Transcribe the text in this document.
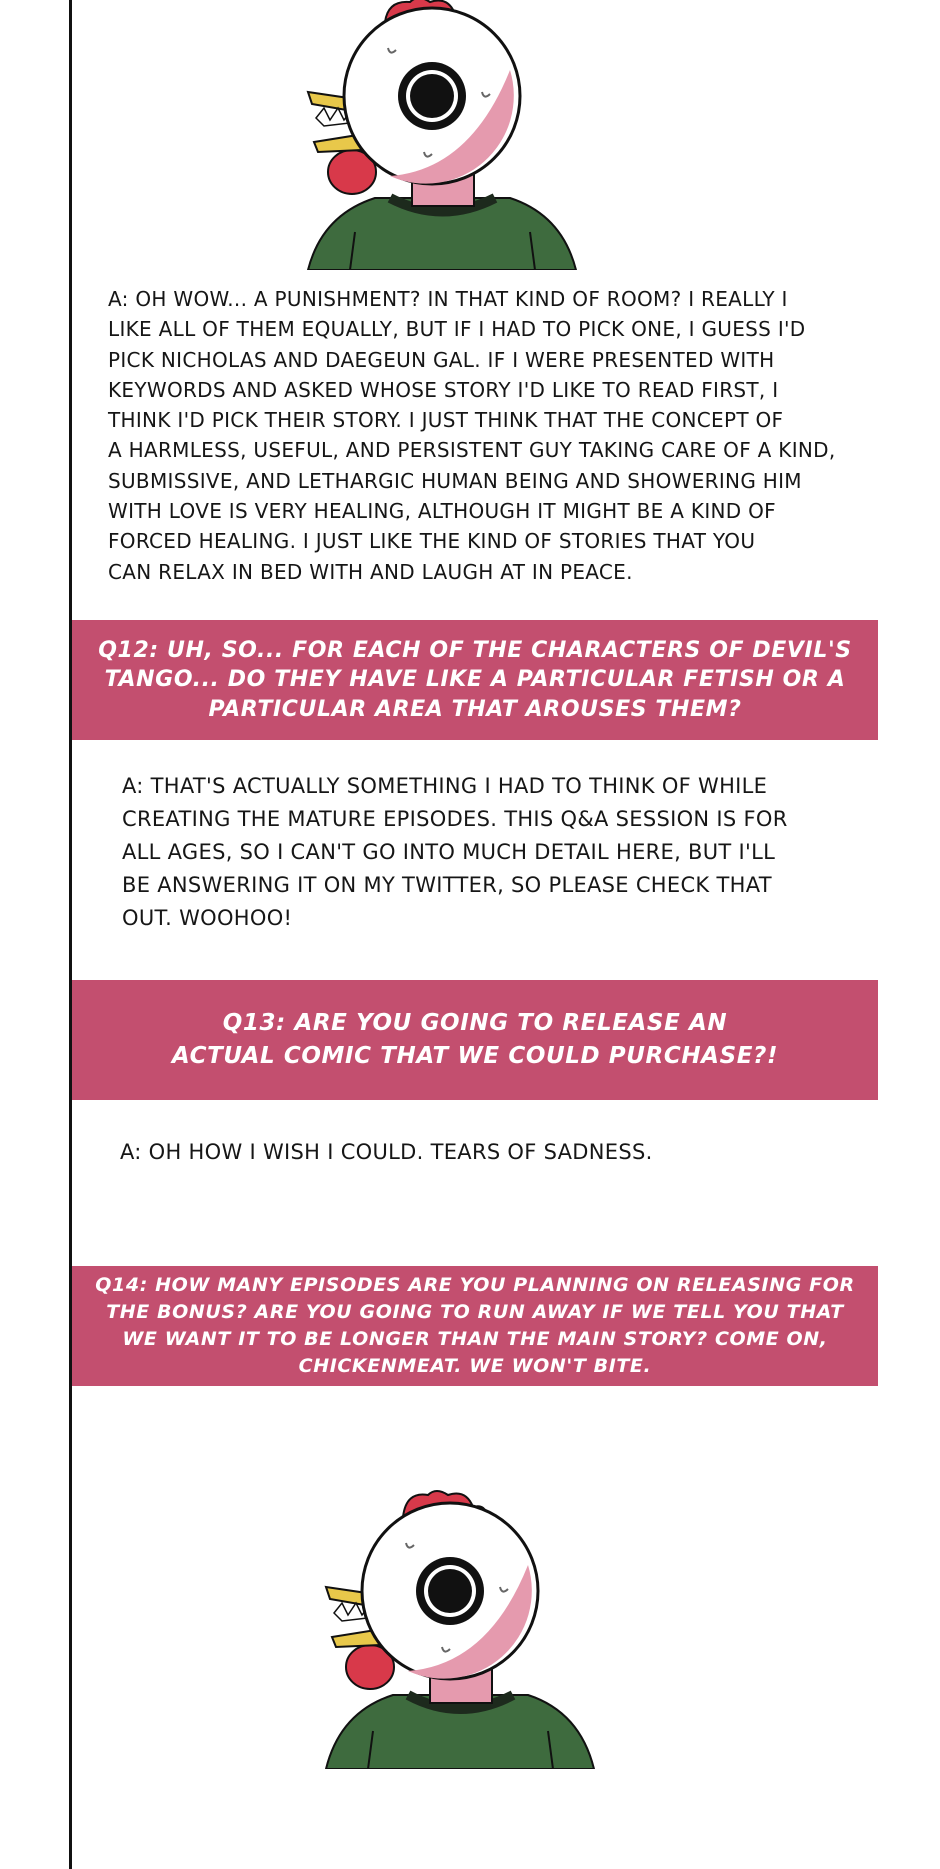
A: OH WOW... A PUNISHMENT? IN THAT KIND OF ROOM? I REALLY I
LIKE ALL OF THEM EQUALLY, BUT IF I HAD TO PICK ONE, I GUESS I'D
PICK NICHOLAS AND DAEGEUN GAL. IF I WERE PRESENTED WITH
KEYWORDS AND ASKED WHOSE STORY I'D LIKE TO READ FIRST, I
THINK I'D PICK THEIR STORY. I JUST THINK THAT THE CONCEPT OF
A HARMLESS, USEFUL, AND PERSISTENT GUY TAKING CARE OF A KIND,
SUBMISSIVE, AND LETHARGIC HUMAN BEING AND SHOWERING HIM
WITH LOVE IS VERY HEALING, ALTHOUGH IT MIGHT BE A KIND OF
FORCED HEALING. I JUST LIKE THE KIND OF STORIES THAT YOU
CAN RELAX IN BED WITH AND LAUGH AT IN PEACE.

Q12: UH, SO... FOR EACH OF THE CHARACTERS OF DEVIL'S
TANGO... DO THEY HAVE LIKE A PARTICULAR FETISH OR A
PARTICULAR AREA THAT AROUSES THEM?

A: THAT'S ACTUALLY SOMETHING I HAD TO THINK OF WHILE
CREATING THE MATURE EPISODES. THIS Q&A SESSION IS FOR
ALL AGES, SO I CAN'T GO INTO MUCH DETAIL HERE, BUT I'LL
BE ANSWERING IT ON MY TWITTER, SO PLEASE CHECK THAT
OUT. WOOHOO!

Q13: ARE YOU GOING TO RELEASE AN
ACTUAL COMIC THAT WE COULD PURCHASE?!

A: OH HOW I WISH I COULD. TEARS OF SADNESS.

Q14: HOW MANY EPISODES ARE YOU PLANNING ON RELEASING FOR
THE BONUS? ARE YOU GOING TO RUN AWAY IF WE TELL YOU THAT
WE WANT IT TO BE LONGER THAN THE MAIN STORY? COME ON,
CHICKENMEAT. WE WON'T BITE.
